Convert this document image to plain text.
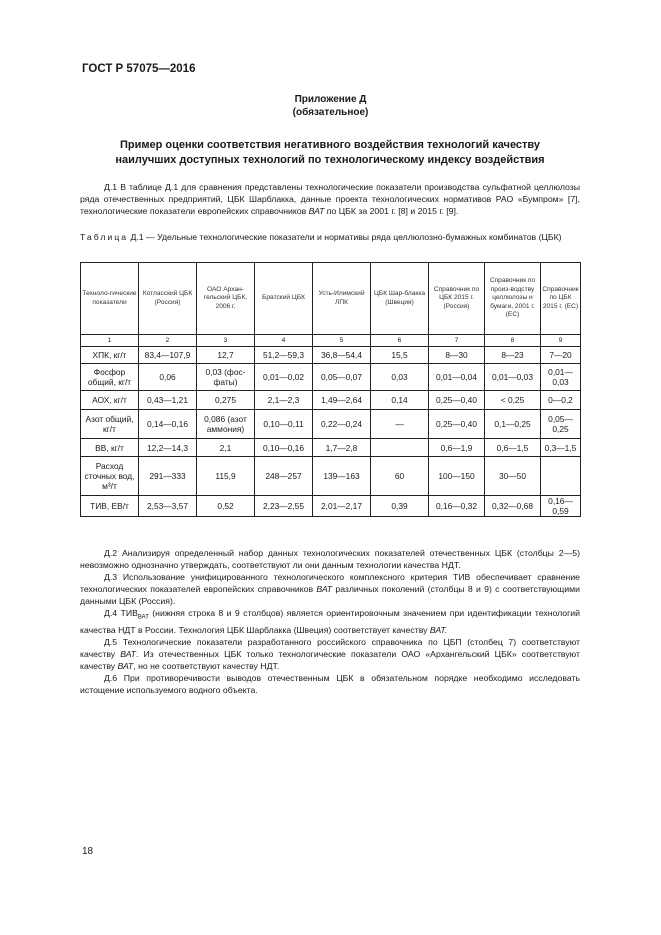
ГОСТ Р 57075—2016
Приложение Д
(обязательное)
Пример оценки соответствия негативного воздействия технологий качеству
наилучших доступных технологий по технологическому индексу воздействия

Д.1 В таблице Д.1 для сравнения представлены технологические показатели производства сульфатной целлюлозы ряда отечественных предприятий, ЦБК Шарблакка, данные проекта технологических нормативов РАО «Бумпром» [7], технологические показатели европейских справочников ВАТ по ЦБК за 2001 г. [8] и 2015 г. [9].

Таблица Д.1 — Удельные технологические показатели и нормативы ряда целлюлозно-бумажных комбинатов (ЦБК)
Техноло-гические показатели	Котласский ЦБК (Россия)	ОАО Архан-гельский ЦБК, 2006 г.	Братский ЦБК	Усть-Илимский ЛПК	ЦБК Шар-блакка (Швеция)	Справочник по ЦБК 2015 г. (Россия)	Справочник по произ-водству целлюлозы и бумаги, 2001 г. (ЕС)	Справочник по ЦБК 2015 г. (ЕС)
1	2	3	4	5	6	7	8	9
ХПК, кг/т	83,4—107,9	12,7	51,2—59,3	36,8—54,4	15,5	8—30	8—23	7—20
Фосфор общий, кг/т	0,06	0,03 (фос-фаты)	0,01—0,02	0,05—0,07	0,03	0,01—0,04	0,01—0,03	0,01—0,03
АОХ, кг/т	0,43—1,21	0,275	2,1—2,3	1,49—2,64	0,14	0,25—0,40	< 0,25	0—0,2
Азот общий, кг/т	0,14—0,16	0,086 (азот аммония)	0,10—0,11	0,22—0,24	—	0,25—0,40	0,1—0,25	0,05—0,25
ВВ, кг/т	12,2—14,3	2,1	0,10—0,16	1,7—2,8		0,6—1,9	0,6—1,5	0,3—1,5
Расход сточных вод, м³/т	291—333	115,9	248—257	139—163	60	100—150	30—50	
ТИВ, ЕВ/т	2,53—3,57	0,52	2,23—2,55	2,01—2,17	0,39	0,16—0,32	0,32—0,68	0,16—0,59

Д.2 Анализируя определенный набор данных технологических показателей отечественных ЦБК (столбцы 2—5) невозможно однозначно утверждать, соответствуют ли они данным технологии качества НДТ.

Д.3 Использование унифицированного технологического комплексного критерия ТИВ обеспечивает сравнение технологических показателей европейских справочников ВАТ различных поколений (столбцы 8 и 9) с соответствующими данными ЦБК (Россия).

Д.4 $ТИВ_{ВАТ}$ (нижняя строка 8 и 9 столбцов) является ориентировочным значением при идентификации технологий качества НДТ в России. Технология ЦБК Шарблакка (Швеция) соответствует качеству ВАТ.

Д.5 Технологические показатели разработанного российского справочника по ЦБП (столбец 7) соответствуют качеству ВАТ. Из отечественных ЦБК только технологические показатели ОАО «Архангельский ЦБК» соответствуют качеству ВАТ, но не соответствуют качеству НДТ.

Д.6 При противоречивости выводов отечественным ЦБК в обязательном порядке необходимо исследовать истощение используемого водного объекта.

18
